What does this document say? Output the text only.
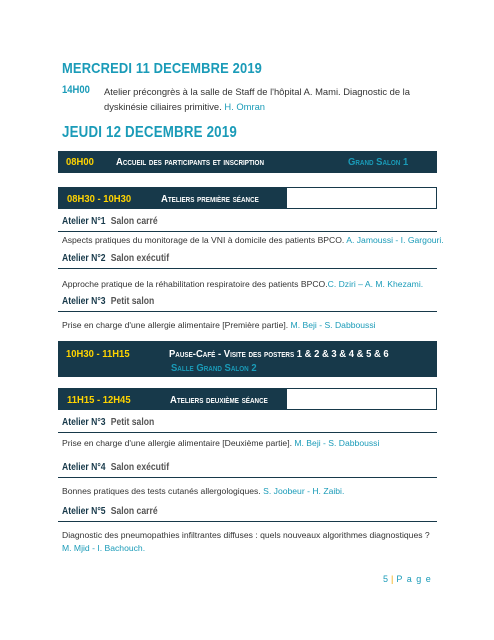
MERCREDI 11 DECEMBRE 2019
14H00 Atelier précongrès à la salle de Staff de l'hôpital A. Mami. Diagnostic de la dyskinésie ciliaires primitive. H. Omran
JEUDI 12 DECEMBRE 2019
08H00 Accueil des participants et inscription	Grand Salon 1
08H30 - 10H30	Ateliers première séance
Atelier N°1 Salon carré
Aspects pratiques du monitorage de la VNI à domicile des patients BPCO. A. Jamoussi - I. Gargouri.
Atelier N°2 Salon exécutif
Approche pratique de la réhabilitation respiratoire des patients BPCO.C. Dziri – A. M. Khezami.
Atelier N°3 Petit salon
Prise en charge d'une allergie alimentaire [Première partie]. M. Beji - S. Dabboussi
10H30 - 11H15	Pause-Café - Visite des posters 1 & 2 & 3 & 4 & 5 & 6
Salle Grand Salon 2
11H15 - 12H45	Ateliers deuxième séance
Atelier N°3 Petit salon
Prise en charge d'une allergie alimentaire [Deuxième partie]. M. Beji - S. Dabboussi
Atelier N°4 Salon exécutif
Bonnes pratiques des tests cutanés allergologiques. S. Joobeur - H. Zaibi.
Atelier N°5 Salon carré
Diagnostic des pneumopathies infiltrantes diffuses : quels nouveaux algorithmes diagnostiques ?
M. Mjid - I. Bachouch.
5 | P a g e
